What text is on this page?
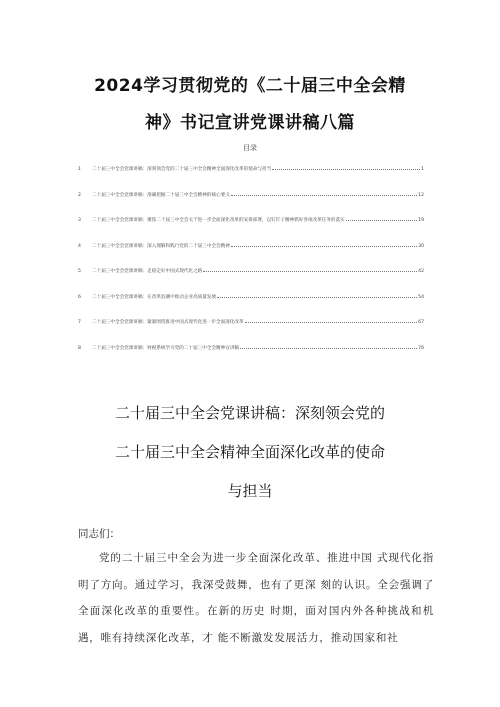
2024学习贯彻党的《二十届三中全会精
神》书记宣讲党课讲稿八篇
目录
1	二十届三中全会党课讲稿：深刻领会党的二十届三中全会精神全面深化改革的使命与担当	1
2	二十届三中全会党课讲稿：准确把握二十届三中全会精神的核心要义	12
3	二十届三中全会党课讲稿：聚焦二十届三中全会关于进一步全面深化改革的安排部署，以钉钉子精神抓好各项改革任务的落实	19
4	二十届三中全会党课讲稿：深入理解和践行党的二十届三中全会精神	30
5	二十届三中全会党课讲稿：走稳走好中国式现代化之路	42
6	二十届三中全会党课讲稿：在改革浪潮中推动企业高质量发展	54
7	二十届三中全会党课讲稿：紧紧围绕推进中国式现代化进一步全面深化改革	67
8	二十届三中全会党课讲稿：财税系统学习党的二十届三中全会精神宣讲稿	76
二十届三中全会党课讲稿：深刻领会党的
二十届三中全会精神全面深化改革的使命
与担当
同志们：

党的二十届三中全会为进一步全面深化改革、推进中国 式现代化指明了方向。通过学习，我深受鼓舞，也有了更深 刻的认识。全会强调了全面深化改革的重要性。在新的历史 时期，面对国内外各种挑战和机遇，唯有持续深化改革，才 能不断激发发展活力，推动国家和社
